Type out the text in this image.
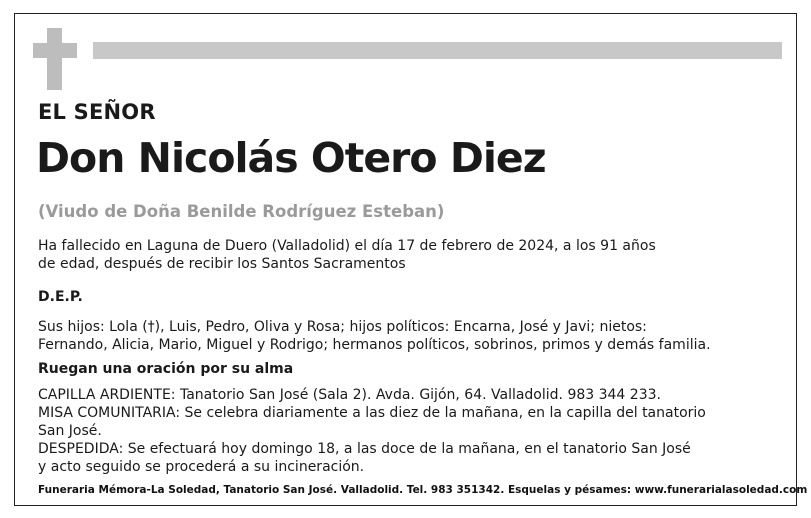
EL SEÑOR
Don Nicolás Otero Diez
(Viudo de Doña Benilde Rodríguez Esteban)
Ha fallecido en Laguna de Duero (Valladolid) el día 17 de febrero de 2024, a los 91 años
de edad, después de recibir los Santos Sacramentos
D.E.P.
Sus hijos: Lola (†), Luis, Pedro, Oliva y Rosa; hijos políticos: Encarna, José y Javi; nietos:
Fernando, Alicia, Mario, Miguel y Rodrigo; hermanos políticos, sobrinos, primos y demás familia.
Ruegan una oración por su alma
CAPILLA ARDIENTE: Tanatorio San José (Sala 2). Avda. Gijón, 64. Valladolid. 983 344 233.
MISA COMUNITARIA: Se celebra diariamente a las diez de la mañana, en la capilla del tanatorio
San José.
DESPEDIDA: Se efectuará hoy domingo 18, a las doce de la mañana, en el tanatorio San José
y acto seguido se procederá a su incineración.
Funeraria Mémora-La Soledad, Tanatorio San José. Valladolid. Tel. 983 351342. Esquelas y pésames: www.funerarialasoledad.com
